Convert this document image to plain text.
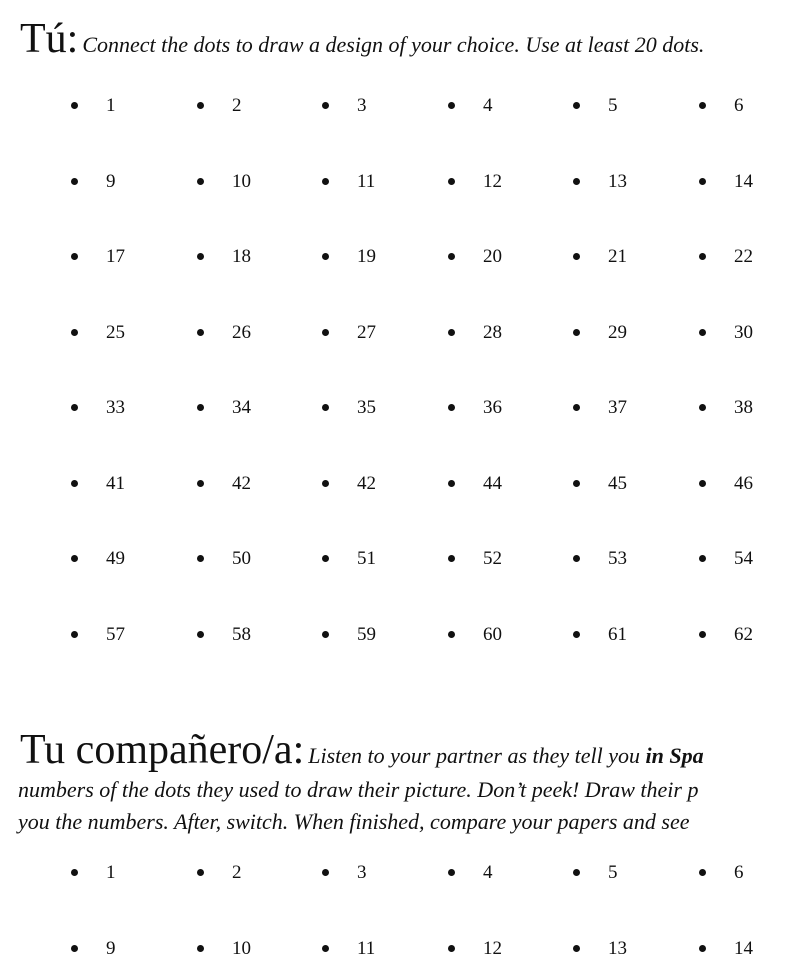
Tú: Connect the dots to draw a design of your choice. Use at least 20 dots.
1	2	3	4	5	6
9	10	11	12	13	14
17	18	19	20	21	22
25	26	27	28	29	30
33	34	35	36	37	38
41	42	42	44	45	46
49	50	51	52	53	54
57	58	59	60	61	62
Tu compañero/a: Listen to your partner as they tell you in Spa
numbers of the dots they used to draw their picture. Don’t peek! Draw their p
you the numbers. After, switch. When finished, compare your papers and see
1	2	3	4	5	6
9	10	11	12	13	14
